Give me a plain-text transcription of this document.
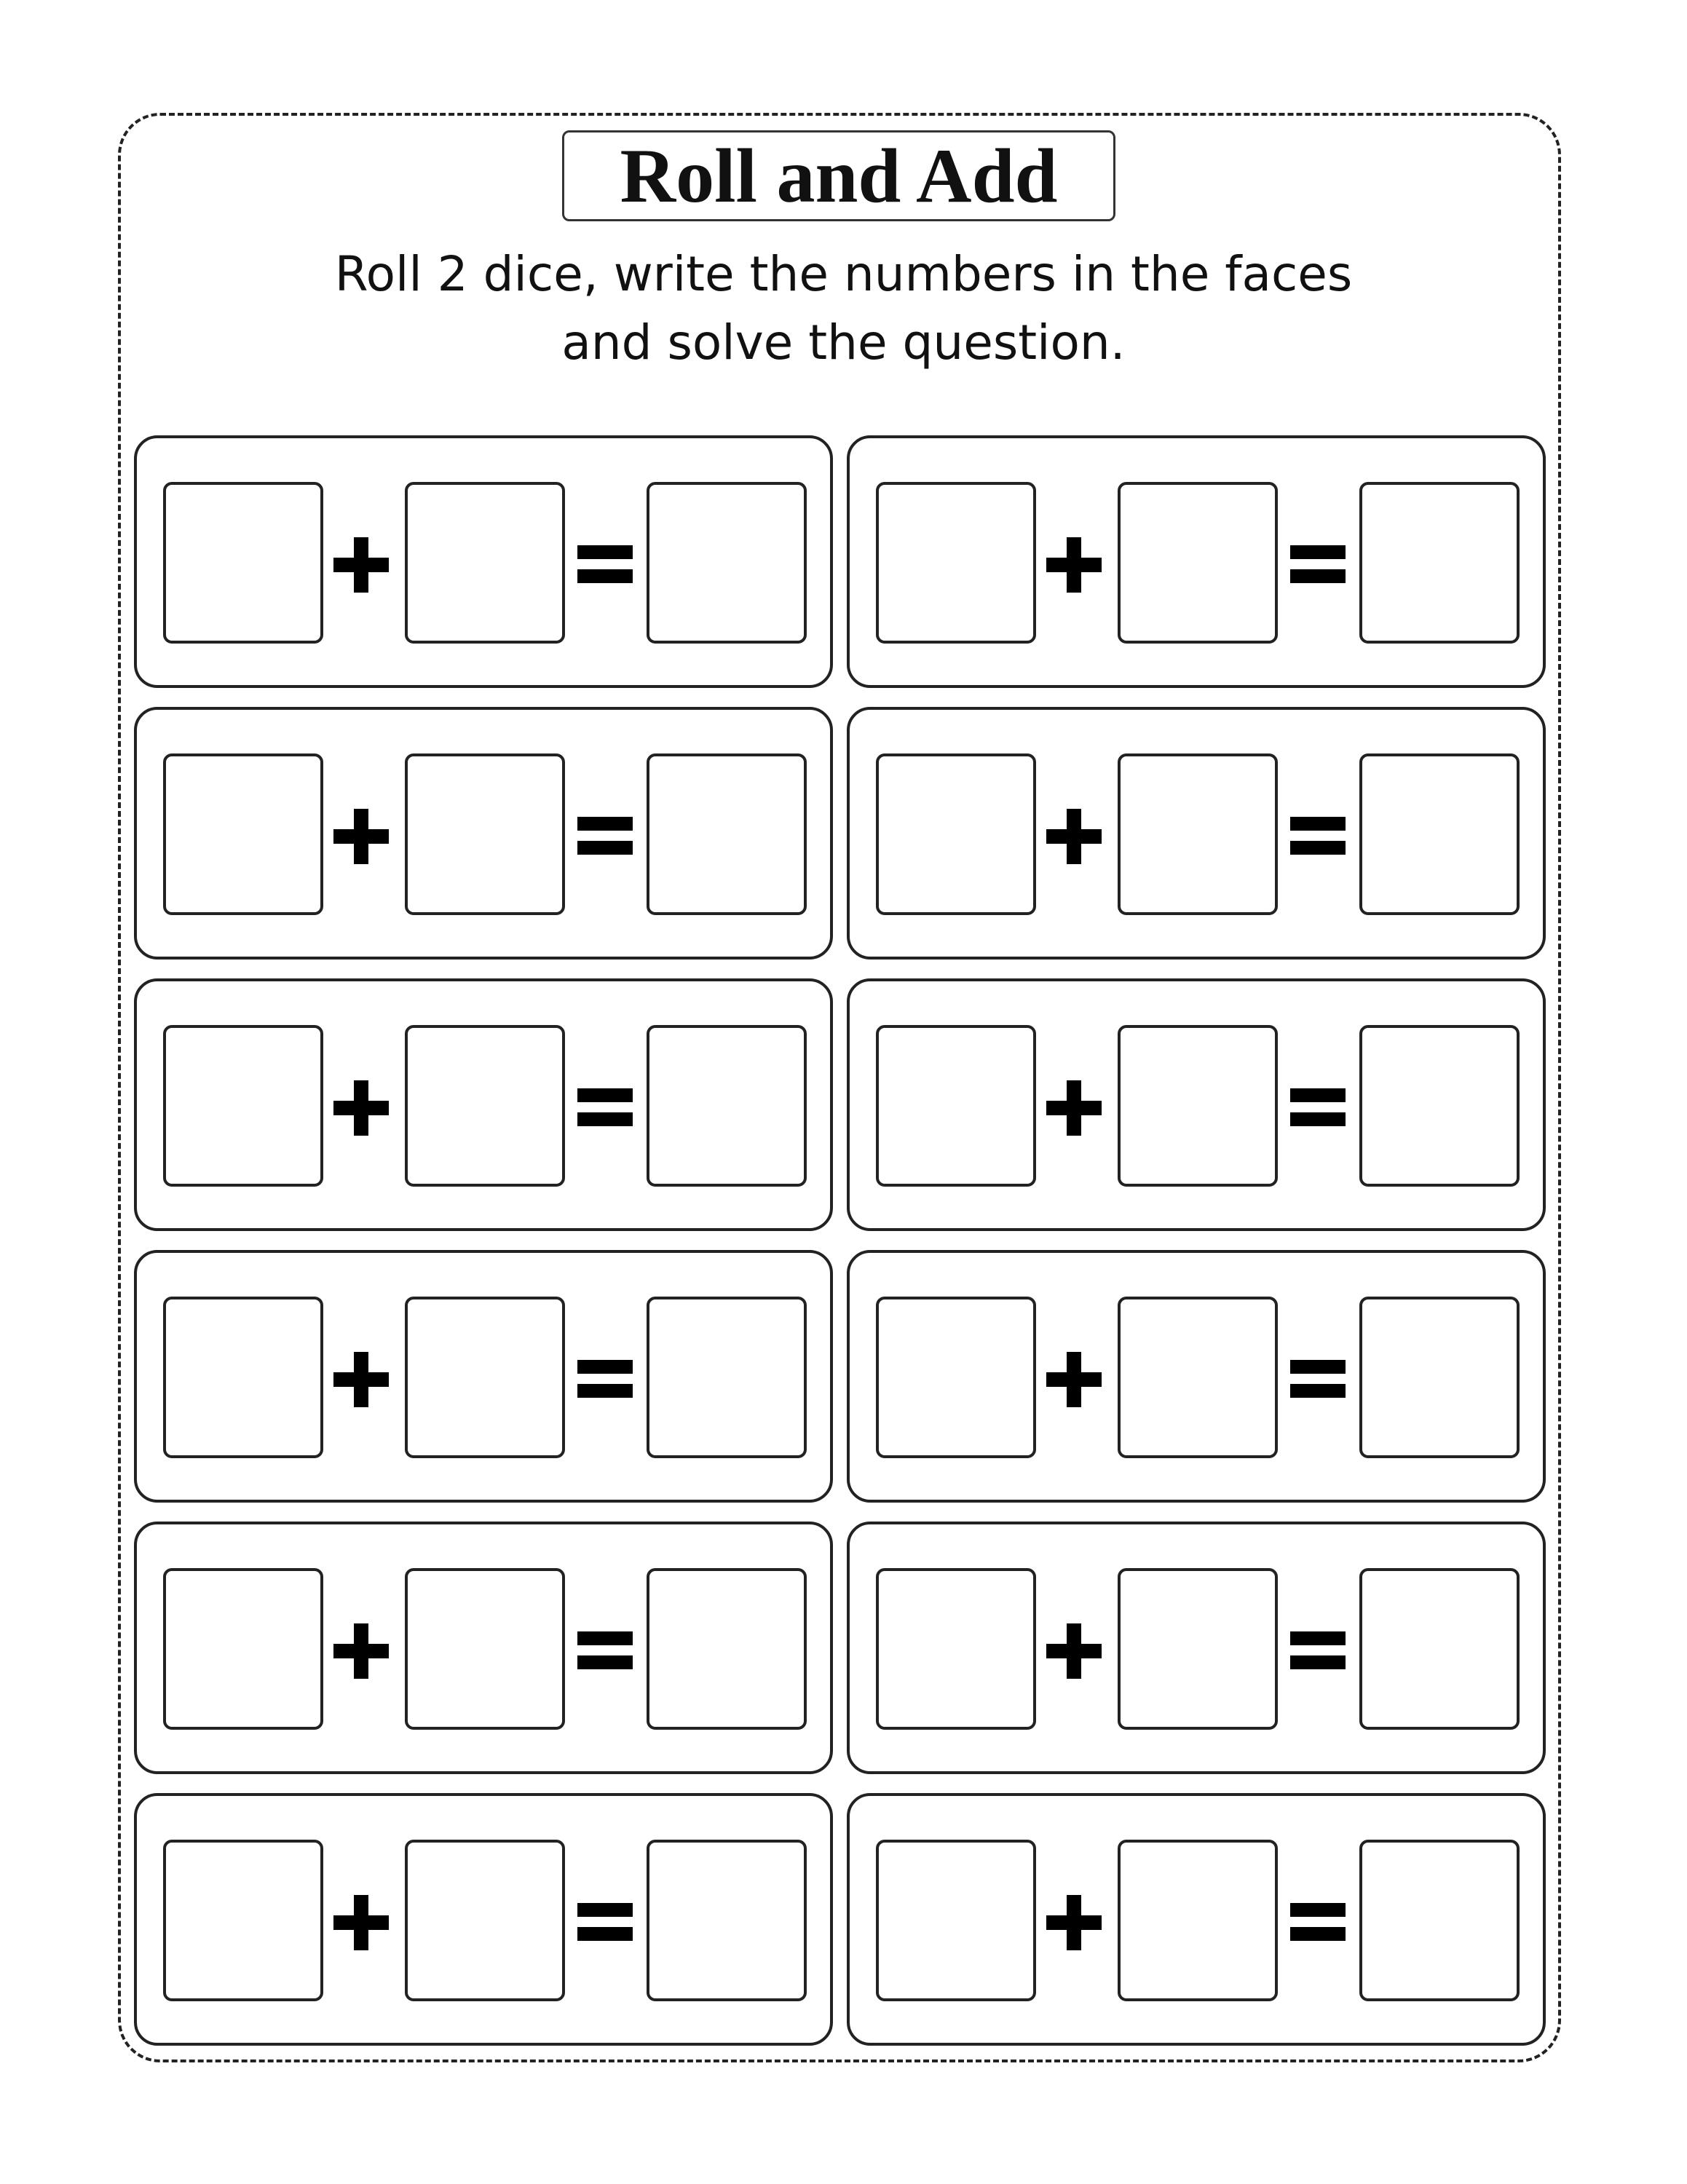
Roll and Add
Roll 2 dice, write the numbers in the faces
and solve the question.
